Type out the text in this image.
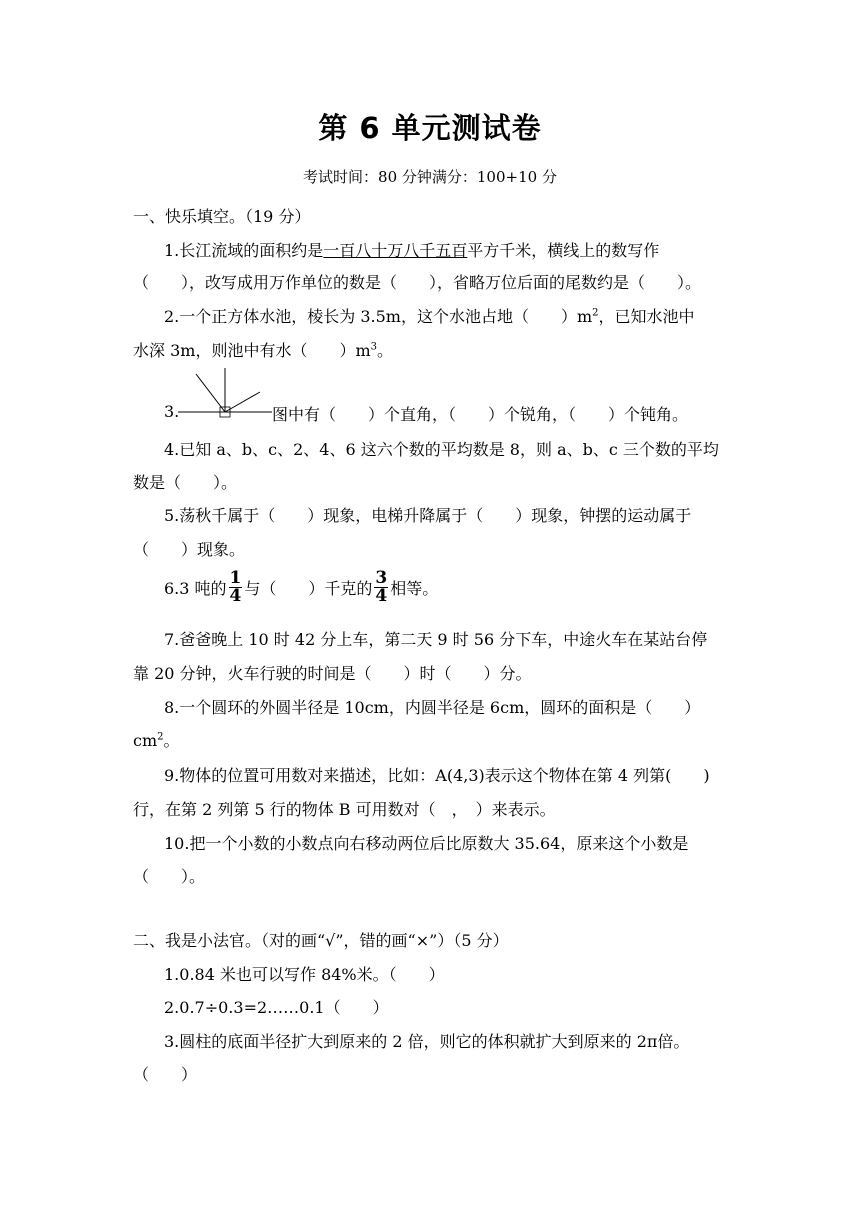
第 6 单元测试卷
考试时间：80 分钟满分：100+10 分
一、快乐填空。（19 分）
1.长江流域的面积约是一百八十万八千五百平方千米，横线上的数写作
（　　），改写成用万作单位的数是（　　），省略万位后面的尾数约是（　　）。
2.一个正方体水池，棱长为 3.5m，这个水池占地（　　）$m^2$，已知水池中
水深 3m，则池中有水（　　）$m^3$。
3.	图中有（　　）个直角，（　　）个锐角，（　　）个钝角。
4.已知 a、b、c、2、4、6 这六个数的平均数是 8，则 a、b、c 三个数的平均
数是（　　）。
5.荡秋千属于（　　）现象，电梯升降属于（　　）现象，钟摆的运动属于
（　　）现象。
6.3 吨的 $\frac{1}{4}$ 与（　　）千克的 $\frac{3}{4}$ 相等。
7.爸爸晚上 10 时 42 分上车，第二天 9 时 56 分下车，中途火车在某站台停
靠 20 分钟，火车行驶的时间是（　　）时（　　）分。
8.一个圆环的外圆半径是 10cm，内圆半径是 6cm，圆环的面积是（　　）
$cm^2$。
9.物体的位置可用数对来描述，比如：A(4,3)表示这个物体在第 4 列第(　　)
行，在第 2 列第 5 行的物体 B 可用数对（　，　）来表示。
10.把一个小数的小数点向右移动两位后比原数大 35.64，原来这个小数是
（　　）。
二、我是小法官。（对的画“√”，错的画“×”）（5 分）
1.0.84 米也可以写作 84%米。（　　）
2.0.7÷0.3=2……0.1（　　）
3.圆柱的底面半径扩大到原来的 2 倍，则它的体积就扩大到原来的 2π倍。
（　　）
